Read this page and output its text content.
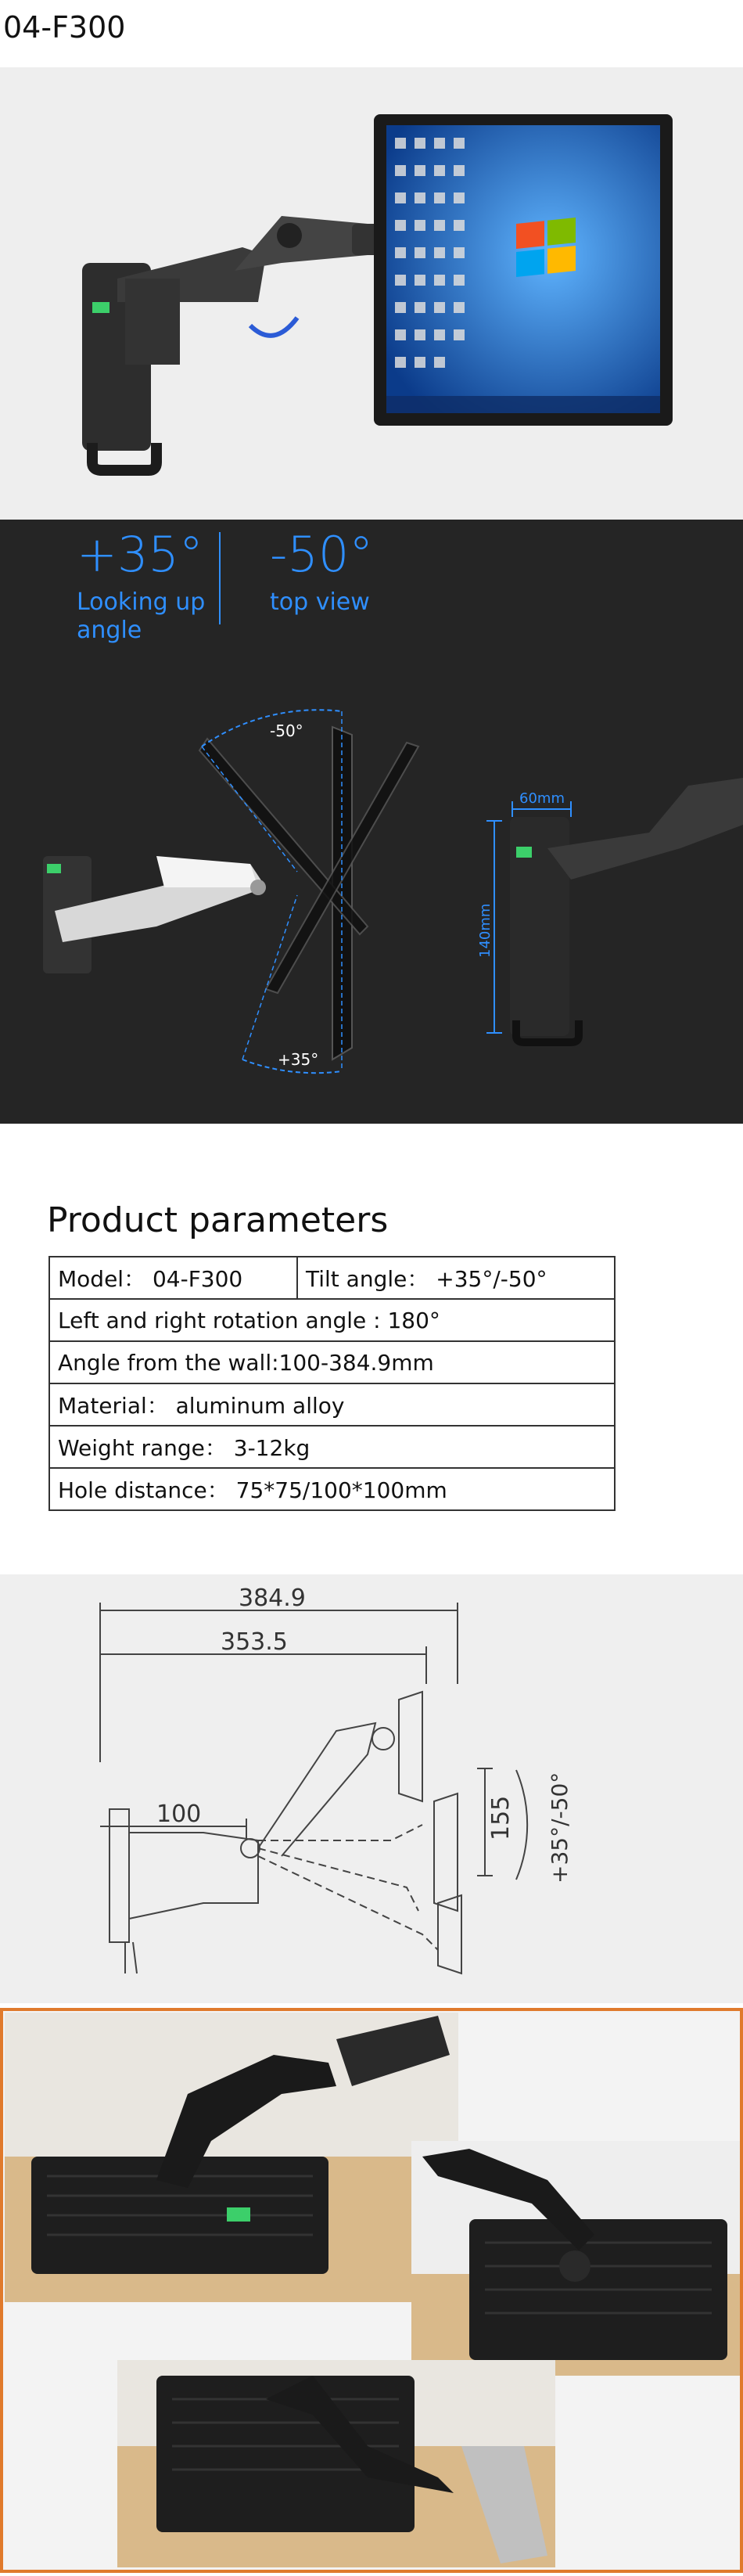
04-F300
+35°
Looking up
angle
-50°
top view
-50°
+35°
60mm
140mm
Product parameters
Model： 04-F300	Tilt angle： +35°/-50°
Left and right rotation angle : 180°
Angle from the wall:100-384.9mm
Material： aluminum alloy
Weight range： 3-12kg
Hole distance： 75*75/100*100mm
384.9
353.5
100	155 +35°/-50°
